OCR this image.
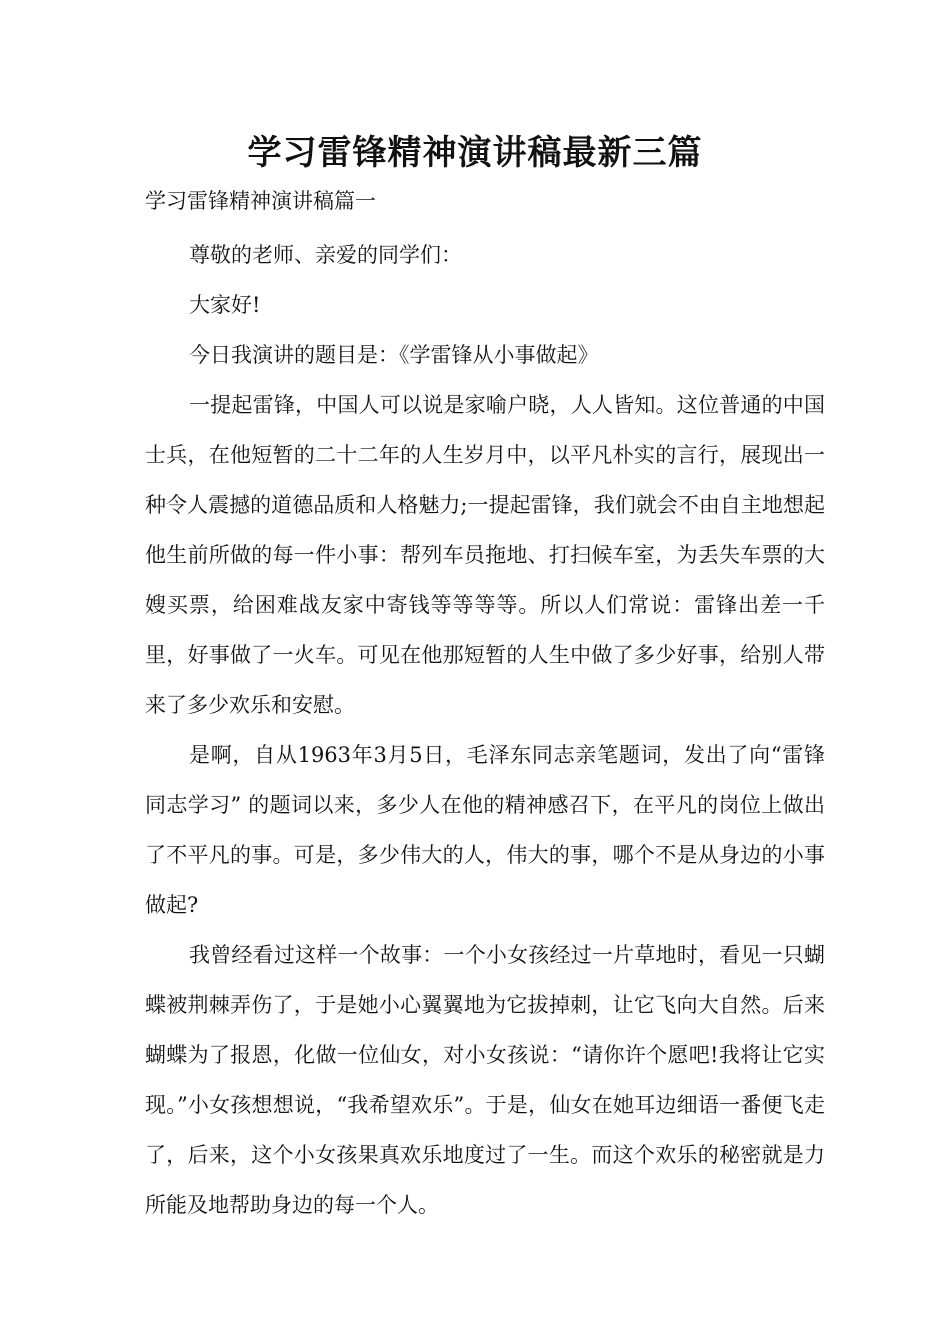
学习雷锋精神演讲稿最新三篇

学习雷锋精神演讲稿篇一

尊敬的老师、亲爱的同学们：

大家好!

今日我演讲的题目是：《学雷锋从小事做起》

一提起雷锋，中国人可以说是家喻户晓，人人皆知。这位普通的中国士兵，在他短暂的二十二年的人生岁月中，以平凡朴实的言行，展现出一种令人震撼的道德品质和人格魅力;一提起雷锋，我们就会不由自主地想起他生前所做的每一件小事：帮列车员拖地、打扫候车室，为丢失车票的大嫂买票，给困难战友家中寄钱等等等等。所以人们常说：雷锋出差一千里，好事做了一火车。可见在他那短暂的人生中做了多少好事，给别人带来了多少欢乐和安慰。

是啊，自从1963年3月5日，毛泽东同志亲笔题词，发出了向“雷锋同志学习” 的题词以来，多少人在他的精神感召下，在平凡的岗位上做出了不平凡的事。可是，多少伟大的人，伟大的事，哪个不是从身边的小事做起?

我曾经看过这样一个故事：一个小女孩经过一片草地时，看见一只蝴蝶被荆棘弄伤了，于是她小心翼翼地为它拔掉刺，让它飞向大自然。后来蝴蝶为了报恩，化做一位仙女，对小女孩说：“请你许个愿吧!我将让它实现。”小女孩想想说，“我希望欢乐”。于是，仙女在她耳边细语一番便飞走了，后来，这个小女孩果真欢乐地度过了一生。而这个欢乐的秘密就是力所能及地帮助身边的每一个人。
